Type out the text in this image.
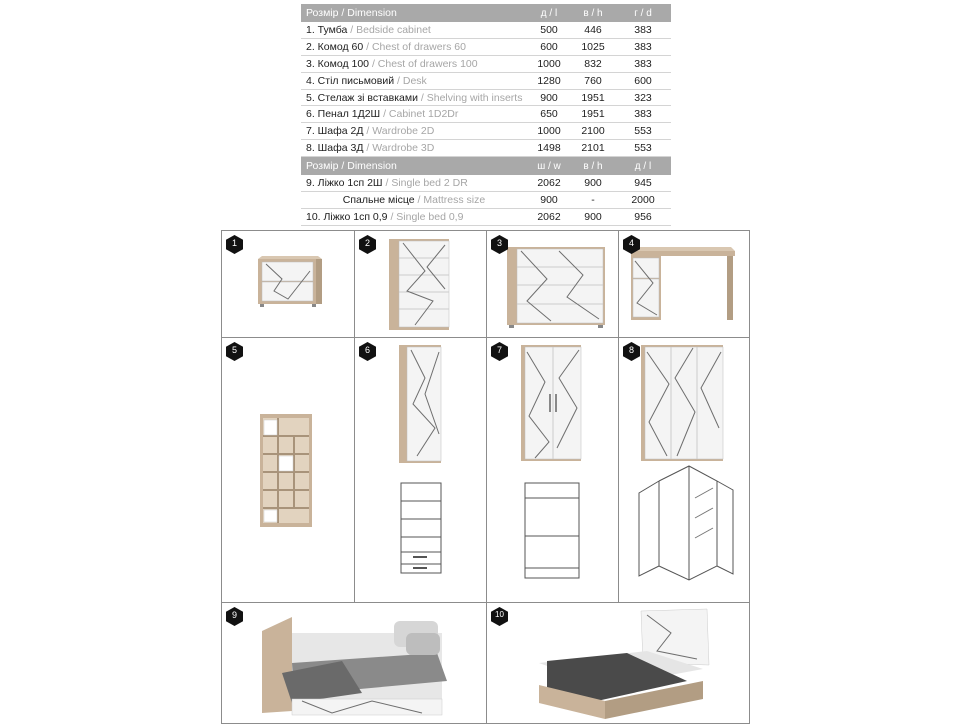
Розмір / Dimension	д / l	в / h	г / d
1. Тумба / Bedside cabinet	500	446	383
2. Комод 60 / Chest of drawers 60	600	1025	383
3. Комод 100 / Chest of drawers 100	1000	832	383
4. Стіл письмовий / Desk	1280	760	600
5. Стелаж зі вставками / Shelving with inserts	900	1951	323
6. Пенал 1Д2Ш / Cabinet 1D2Dr	650	1951	383
7. Шафа 2Д / Wardrobe 2D	1000	2100	553
8. Шафа 3Д / Wardrobe 3D	1498	2101	553
Розмір / Dimension	ш / w	в / h	д / l
9. Ліжко 1сп 2Ш / Single bed 2 DR	2062	900	945
Спальне місце / Mattress size	900	-	2000
10. Ліжко 1сп 0,9 / Single bed 0,9	2062	900	956
1	2	3	4
5	6	7	8
9	10
